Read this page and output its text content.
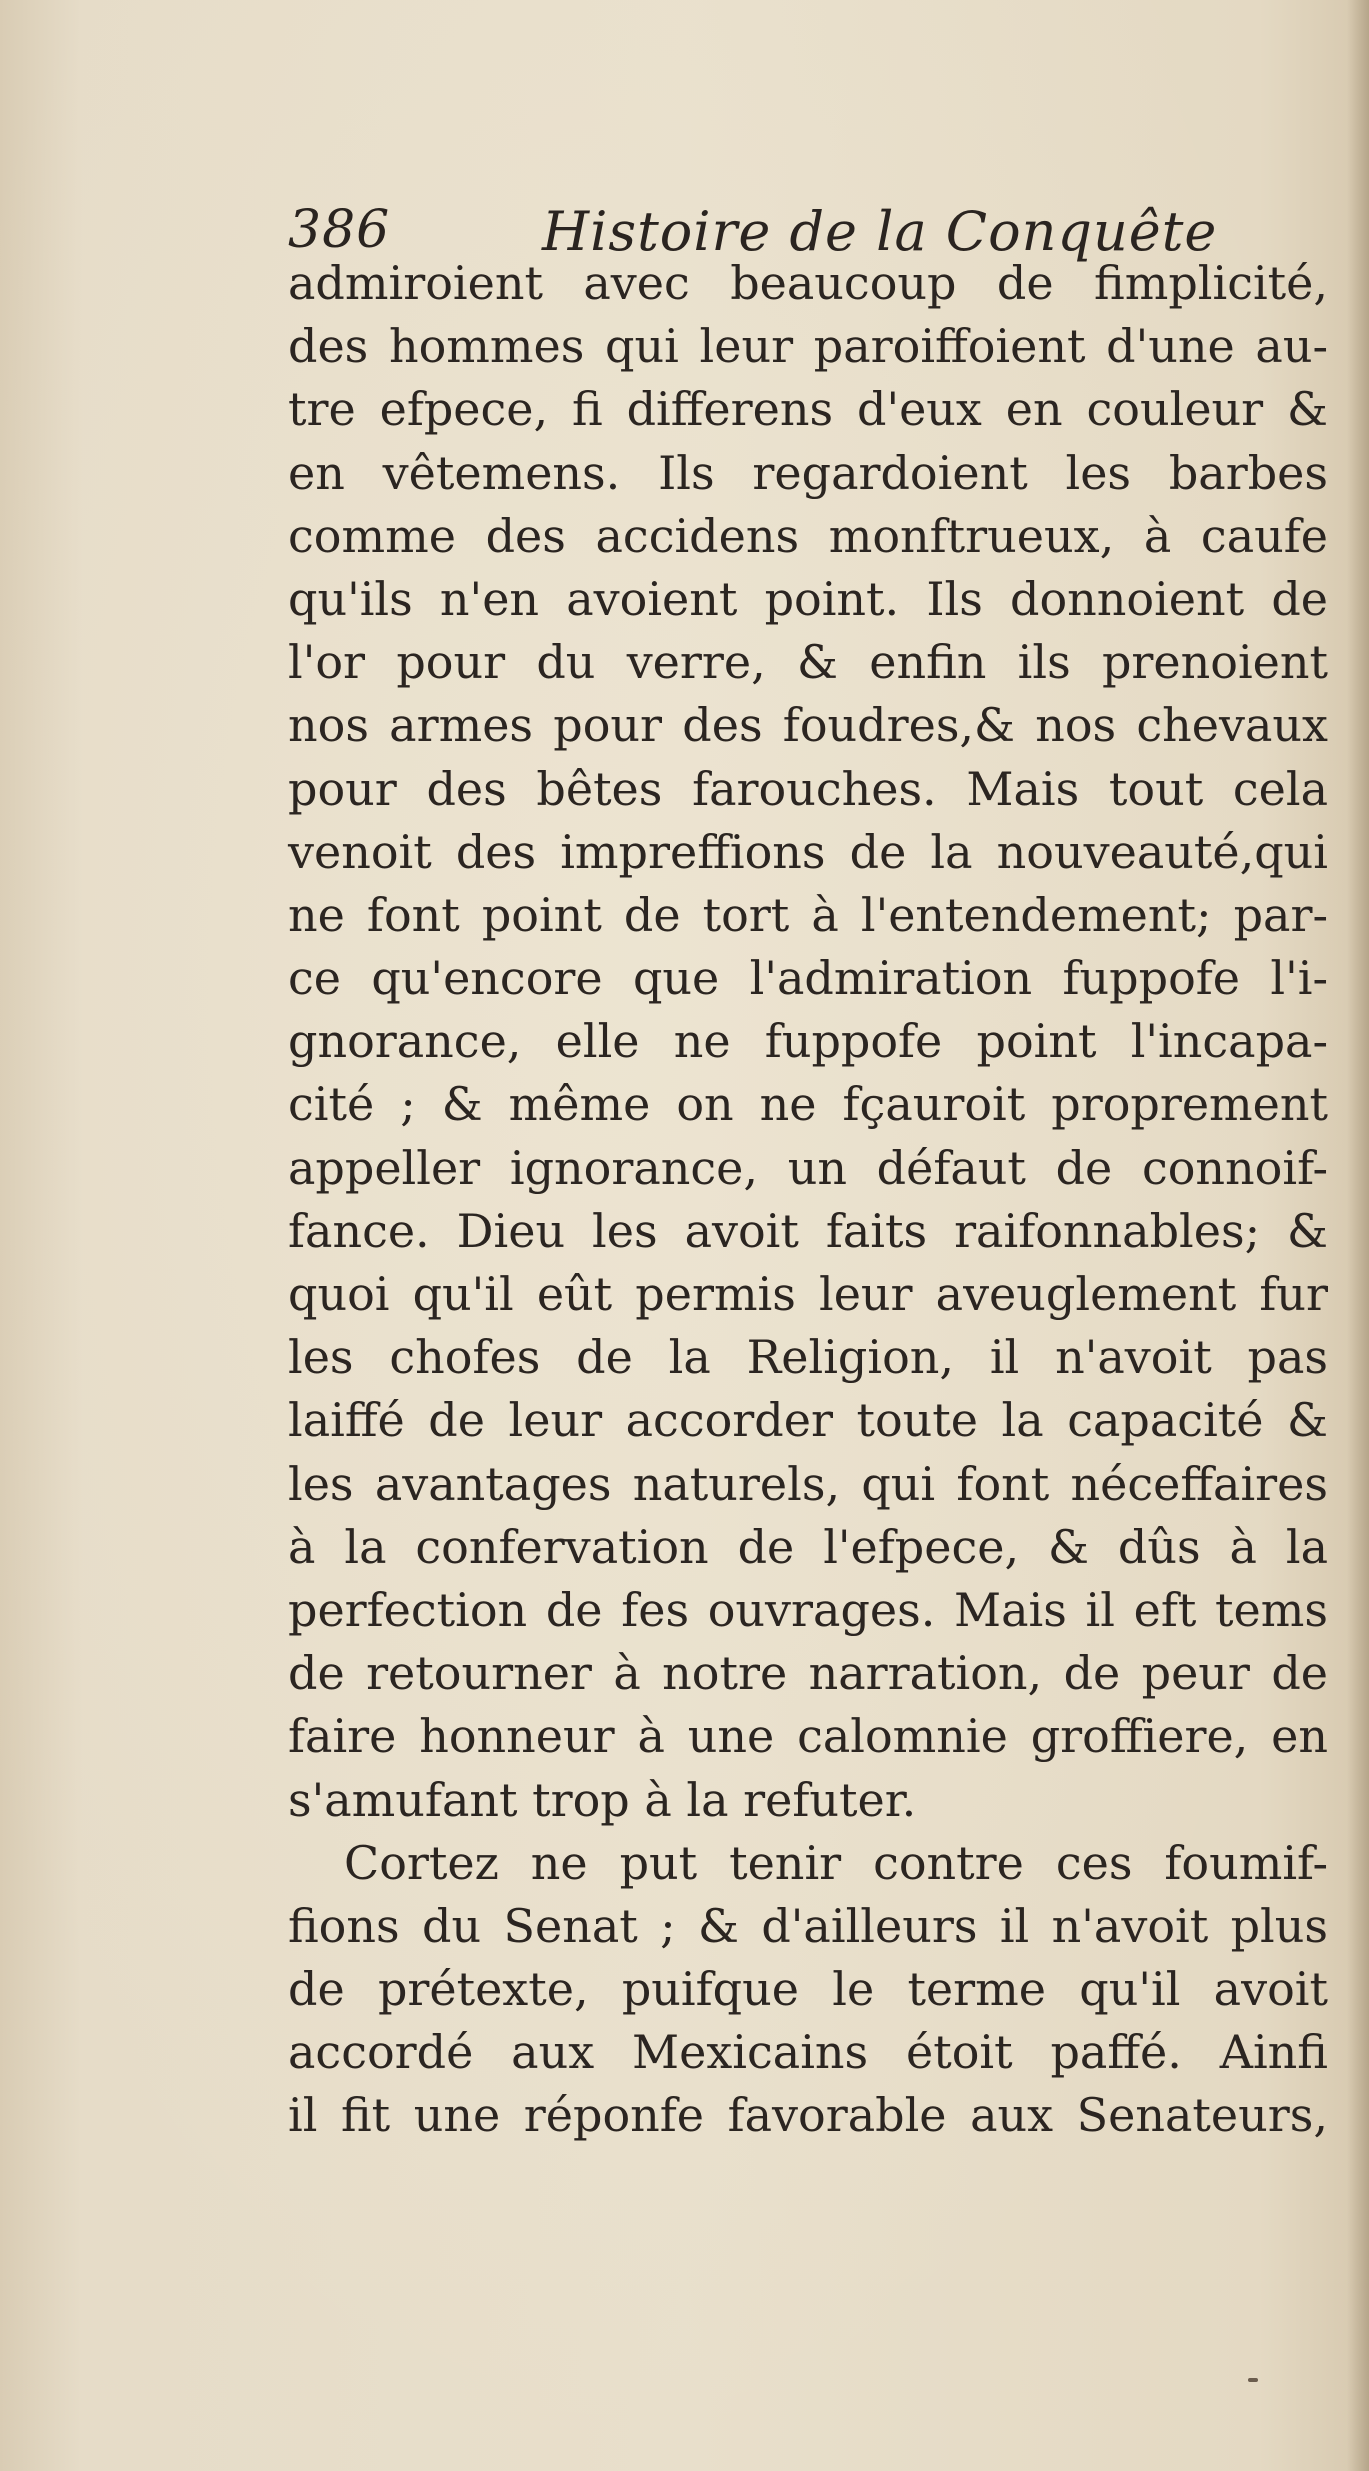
386	Histoire de la Conquête
admiroient avec beaucoup de fimplicité,
des hommes qui leur paroiffoient d'une au-
tre efpece, fi differens d'eux en couleur &
en vêtemens. Ils regardoient les barbes
comme des accidens monftrueux, à caufe
qu'ils n'en avoient point. Ils donnoient de
l'or pour du verre, & enfin ils prenoient
nos armes pour des foudres,& nos chevaux
pour des bêtes farouches. Mais tout cela
venoit des impreffions de la nouveauté,qui
ne font point de tort à l'entendement; par-
ce qu'encore que l'admiration fuppofe l'i-
gnorance, elle ne fuppofe point l'incapa-
cité ; & même on ne fçauroit proprement
appeller ignorance, un défaut de connoif-
fance. Dieu les avoit faits raifonnables; &
quoi qu'il eût permis leur aveuglement fur
les chofes de la Religion, il n'avoit pas
laiffé de leur accorder toute la capacité &
les avantages naturels, qui font néceffaires
à la confervation de l'efpece, & dûs à la
perfection de fes ouvrages. Mais il eft tems
de retourner à notre narration, de peur de
faire honneur à une calomnie groffiere, en
s'amufant trop à la refuter.
Cortez ne put tenir contre ces foumif-
fions du Senat ; & d'ailleurs il n'avoit plus
de prétexte, puifque le terme qu'il avoit
accordé aux Mexicains étoit paffé. Ainfi
il fit une réponfe favorable aux Senateurs,
